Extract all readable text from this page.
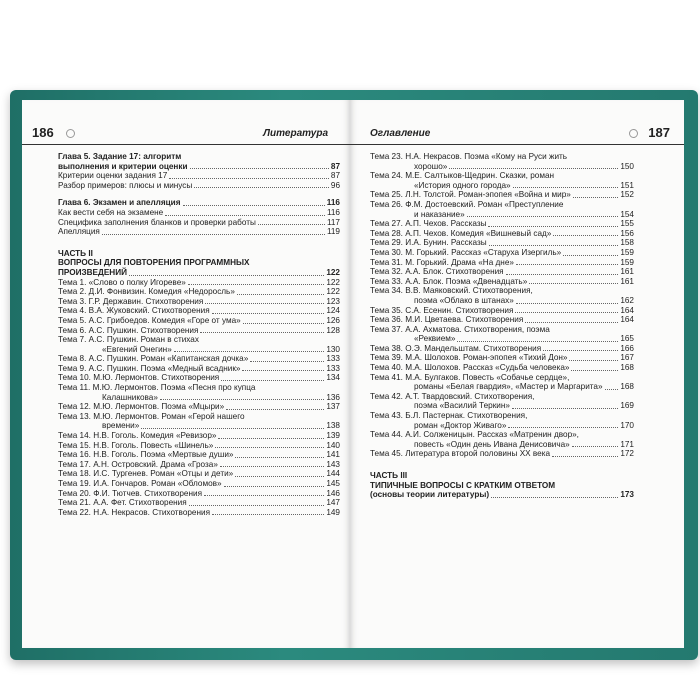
186	Литература
Глава 5. Задание 17: алгоритм
выполнения и критерии оценки	87
Критерии оценки задания 17	87
Разбор примеров: плюсы и минусы	96
Глава 6. Экзамен и апелляция	116
Как вести себя на экзамене	116
Специфика заполнения бланков и проверки работы	117
Апелляция	119
ЧАСТЬ II
ВОПРОСЫ ДЛЯ ПОВТОРЕНИЯ ПРОГРАММНЫХ
ПРОИЗВЕДЕНИЙ	122
Тема 1. «Слово о полку Игореве»	122
Тема 2. Д.И. Фонвизин. Комедия «Недоросль»	122
Тема 3. Г.Р. Державин. Стихотворения	123
Тема 4. В.А. Жуковский. Стихотворения	124
Тема 5. А.С. Грибоедов. Комедия «Горе от ума»	126
Тема 6. А.С. Пушкин. Стихотворения	128
Тема 7. А.С. Пушкин. Роман в стихах
«Евгений Онегин»	130
Тема 8. А.С. Пушкин. Роман «Капитанская дочка»	133
Тема 9. А.С. Пушкин. Поэма «Медный всадник»	133
Тема 10. М.Ю. Лермонтов. Стихотворения	134
Тема 11. М.Ю. Лермонтов. Поэма «Песня про купца
Калашникова»	136
Тема 12. М.Ю. Лермонтов. Поэма «Мцыри»	137
Тема 13. М.Ю. Лермонтов. Роман «Герой нашего
времени»	138
Тема 14. Н.В. Гоголь. Комедия «Ревизор»	139
Тема 15. Н.В. Гоголь. Повесть «Шинель»	140
Тема 16. Н.В. Гоголь. Поэма «Мертвые души»	141
Тема 17. А.Н. Островский. Драма «Гроза»	143
Тема 18. И.С. Тургенев. Роман «Отцы и дети»	144
Тема 19. И.А. Гончаров. Роман «Обломов»	145
Тема 20. Ф.И. Тютчев. Стихотворения	146
Тема 21. А.А. Фет. Стихотворения	147
Тема 22. Н.А. Некрасов. Стихотворения	149
Оглавление	187
Тема 23. Н.А. Некрасов. Поэма «Кому на Руси жить
хорошо»	150
Тема 24. М.Е. Салтыков-Щедрин. Сказки, роман
«История одного города»	151
Тема 25. Л.Н. Толстой. Роман-эпопея «Война и мир»	152
Тема 26. Ф.М. Достоевский. Роман «Преступление
и наказание»	154
Тема 27. А.П. Чехов. Рассказы	155
Тема 28. А.П. Чехов. Комедия «Вишневый сад»	156
Тема 29. И.А. Бунин. Рассказы	158
Тема 30. М. Горький. Рассказ «Старуха Изергиль»	159
Тема 31. М. Горький. Драма «На дне»	159
Тема 32. А.А. Блок. Стихотворения	161
Тема 33. А.А. Блок. Поэма «Двенадцать»	161
Тема 34. В.В. Маяковский. Стихотворения,
поэма «Облако в штанах»	162
Тема 35. С.А. Есенин. Стихотворения	164
Тема 36. М.И. Цветаева. Стихотворения	164
Тема 37. А.А. Ахматова. Стихотворения, поэма
«Реквием»	165
Тема 38. О.Э. Мандельштам. Стихотворения	166
Тема 39. М.А. Шолохов. Роман-эпопея «Тихий Дон»	167
Тема 40. М.А. Шолохов. Рассказ «Судьба человека»	168
Тема 41. М.А. Булгаков. Повесть «Собачье сердце»,
романы «Белая гвардия», «Мастер и Маргарита» 168
Тема 42. А.Т. Твардовский. Стихотворения,
поэма «Василий Теркин»	169
Тема 43. Б.Л. Пастернак. Стихотворения,
роман «Доктор Живаго»	170
Тема 44. А.И. Солженицын. Рассказ «Матренин двор»,
повесть «Один день Ивана Денисовича»	171
Тема 45. Литература второй половины XX века	172
ЧАСТЬ III
ТИПИЧНЫЕ ВОПРОСЫ С КРАТКИМ ОТВЕТОМ
(основы теории литературы)	173
